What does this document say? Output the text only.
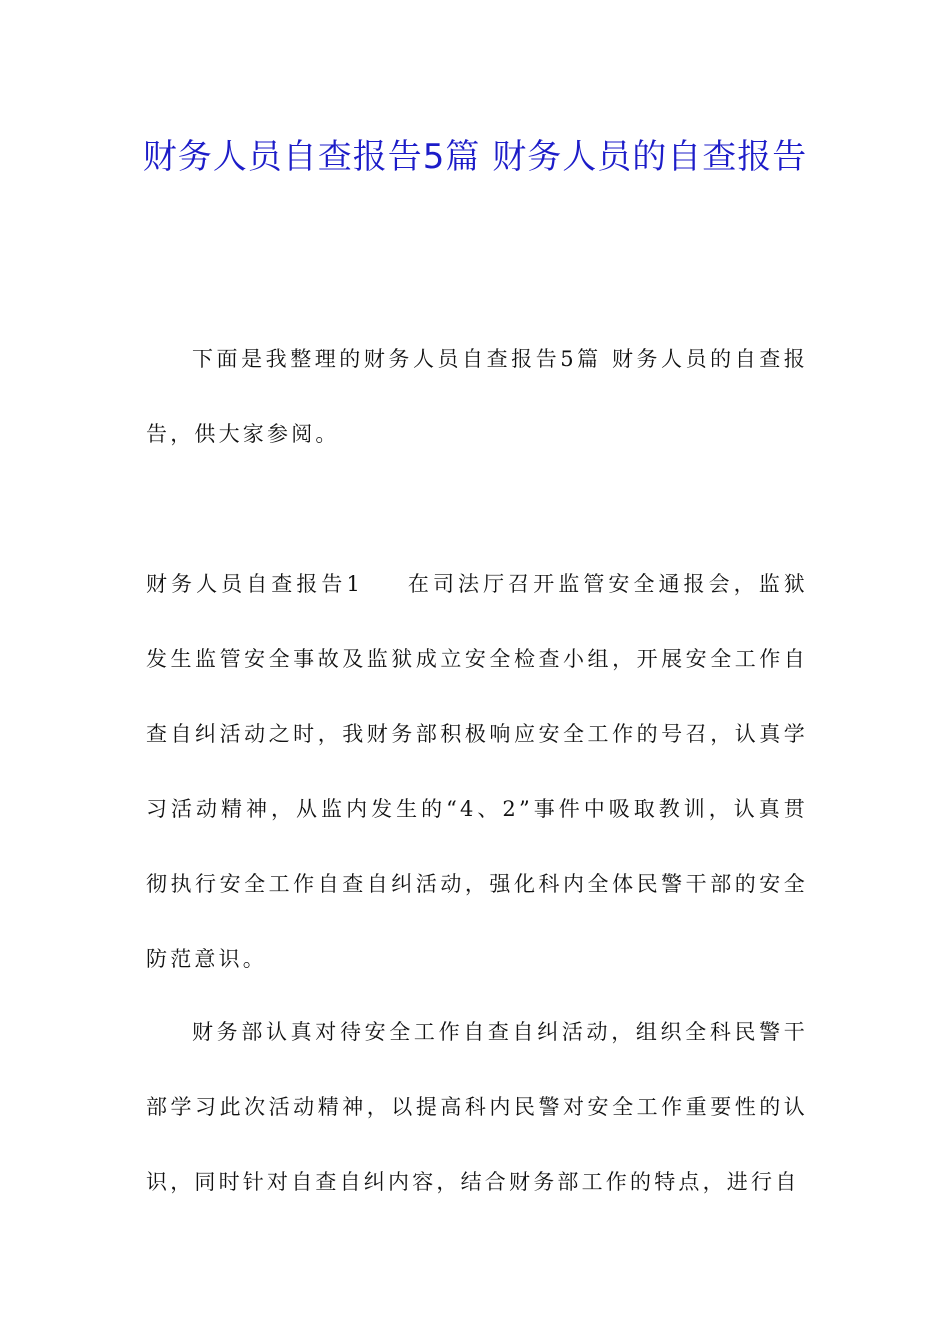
财务人员自查报告5篇 财务人员的自查报告

下面是我整理的财务人员自查报告5篇 财务人员的自查报告，供大家参阅。

财务人员自查报告1 在司法厅召开监管安全通报会，监狱发生监管安全事故及监狱成立安全检查小组，开展安全工作自查自纠活动之时，我财务部积极响应安全工作的号召，认真学习活动精神，从监内发生的“4、2”事件中吸取教训，认真贯彻执行安全工作自查自纠活动，强化科内全体民警干部的安全防范意识。

财务部认真对待安全工作自查自纠活动，组织全科民警干部学习此次活动精神，以提高科内民警对安全工作重要性的认识，同时针对自查自纠内容，结合财务部工作的特点，进行自
